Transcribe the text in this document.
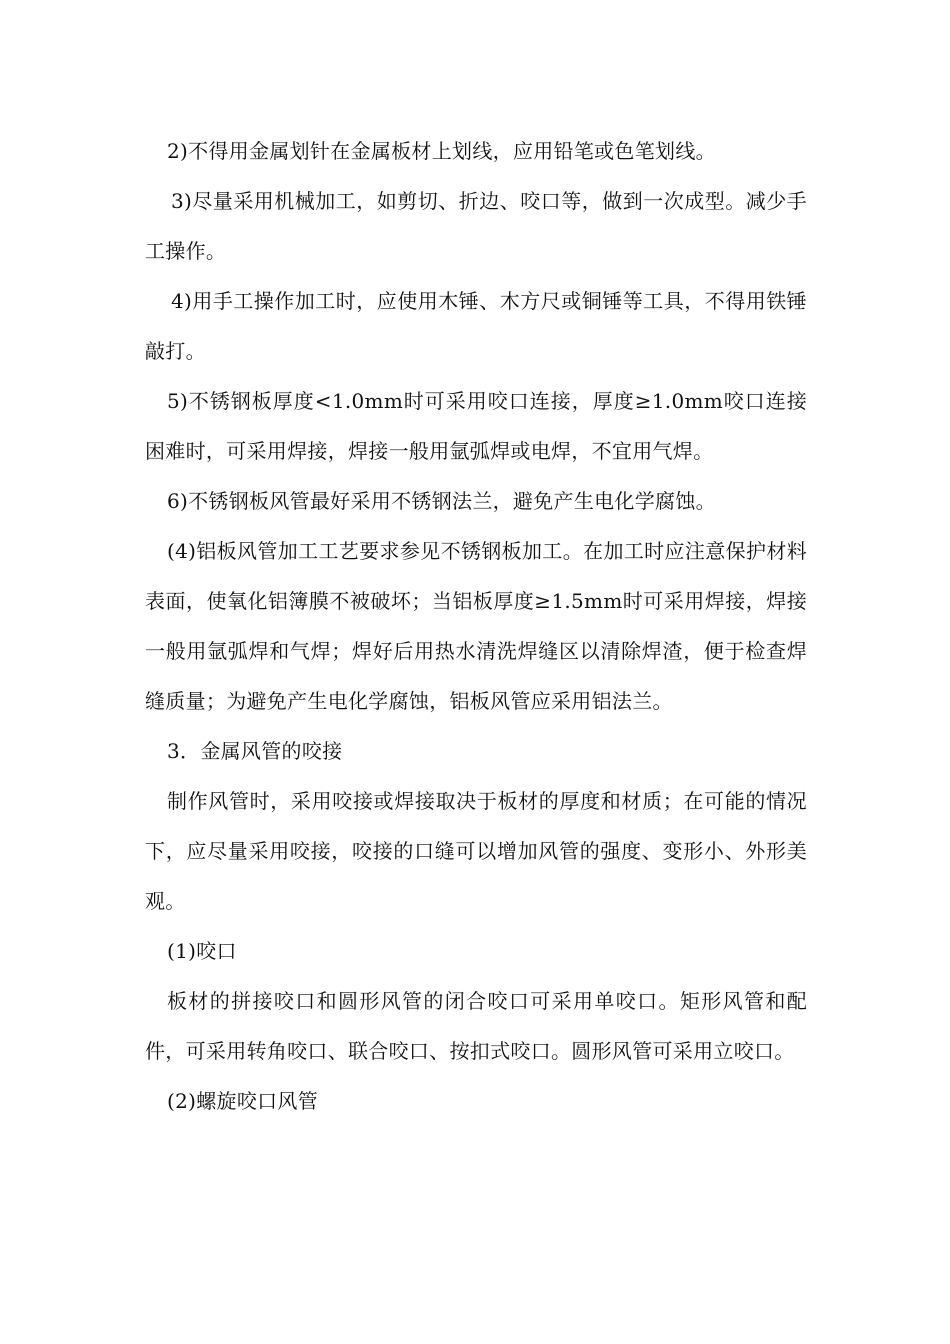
2)不得用金属划针在金属板材上划线，应用铅笔或色笔划线。

3)尽量采用机械加工，如剪切、折边、咬口等，做到一次成型。减少手工操作。

4)用手工操作加工时，应使用木锤、木方尺或铜锤等工具，不得用铁锤敲打。

5)不锈钢板厚度<1.0mm时可采用咬口连接，厚度≥1.0mm咬口连接困难时，可采用焊接，焊接一般用氩弧焊或电焊，不宜用气焊。

6)不锈钢板风管最好采用不锈钢法兰，避免产生电化学腐蚀。

(4)铝板风管加工工艺要求参见不锈钢板加工。在加工时应注意保护材料表面，使氧化铝簿膜不被破坏；当铝板厚度≥1.5mm时可采用焊接，焊接一般用氩弧焊和气焊；焊好后用热水清洗焊缝区以清除焊渣，便于检查焊缝质量；为避免产生电化学腐蚀，铝板风管应采用铝法兰。

3．金属风管的咬接

制作风管时，采用咬接或焊接取决于板材的厚度和材质；在可能的情况下，应尽量采用咬接，咬接的口缝可以增加风管的强度、变形小、外形美观。

(1)咬口

板材的拼接咬口和圆形风管的闭合咬口可采用单咬口。矩形风管和配件，可采用转角咬口、联合咬口、按扣式咬口。圆形风管可采用立咬口。

(2)螺旋咬口风管
